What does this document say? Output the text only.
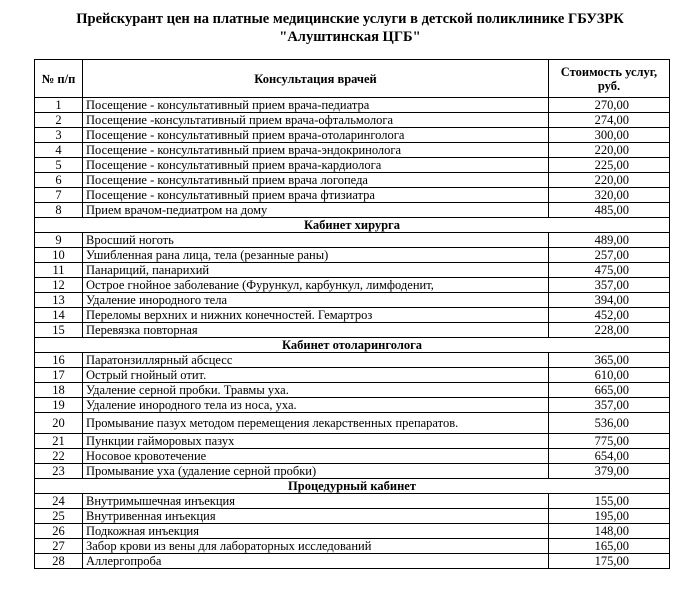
Прейскурант цен на платные медицинские услуги в детской поликлинике ГБУЗРК
"Алуштинская ЦГБ"
№ п/п	Консультация врачей	Стоимость услуг, руб.
1	Посещение - консультативный прием врача-педиатра	270,00
2	Посещение -консультативный прием врача-офтальмолога	274,00
3	Посещение - консультативный прием врача-отоларинголога	300,00
4	Посещение - консультативный прием врача-эндокринолога	220,00
5	Посещение - консультативный прием врача-кардиолога	225,00
6	Посещение - консультативный прием врача логопеда	220,00
7	Посещение - консультативный прием врача фтизиатра	320,00
8	Прием врачом-педиатром на дому	485,00
Кабинет хирурга		
9	Вросший ноготь	489,00
10	Ушибленная рана лица, тела (резанные раны)	257,00
11	Панариций, панарихий	475,00
12	Острое гнойное заболевание (Фурункул, карбункул, лимфоденит,	357,00
13	Удаление инородного тела	394,00
14	Переломы верхних и нижних конечностей. Гемартроз	452,00
15	Перевязка повторная	228,00
Кабинет отоларинголога		
16	Паратонзиллярный абсцесс	365,00
17	Острый гнойный отит.	610,00
18	Удаление серной пробки. Травмы уха.	665,00
19	Удаление инородного тела из носа, уха.	357,00
20	Промывание пазух методом перемещения лекарственных препаратов.	536,00
21	Пункции гайморовых пазух	775,00
22	Носовое кровотечение	654,00
23	Промывание уха (удаление серной пробки)	379,00
Процедурный кабинет		
24	Внутримышечная инъекция	155,00
25	Внутривенная инъекция	195,00
26	Подкожная инъекция	148,00
27	Забор крови из вены для лабораторных исследований	165,00
28	Аллергопроба	175,00
